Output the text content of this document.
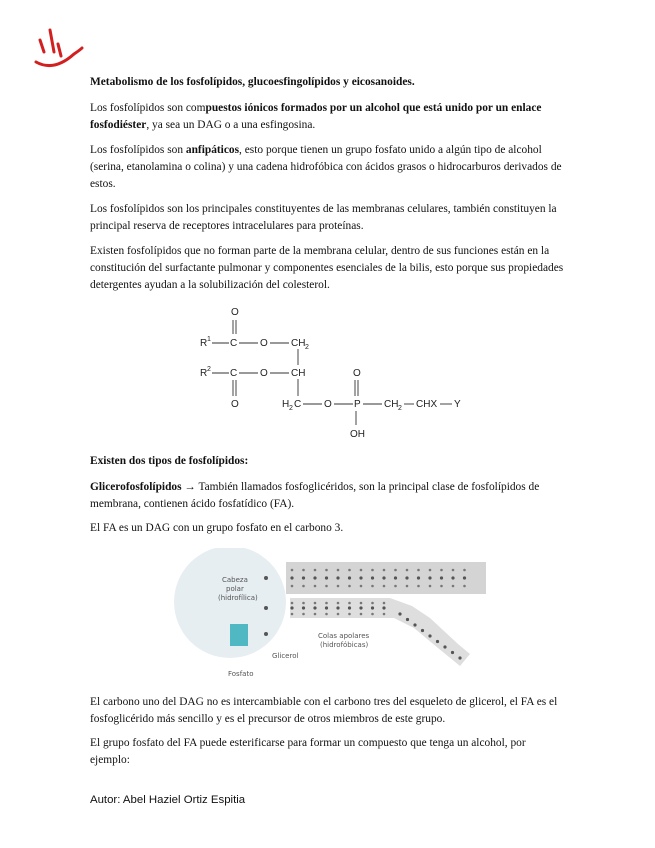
Metabolismo de los fosfolípidos, glucoesfingolípidos y eicosanoides.

Los fosfolípidos son compuestos iónicos formados por un alcohol que está unido por un enlace fosfodiéster, ya sea un DAG o a una esfingosina.

Los fosfolípidos son anfipáticos, esto porque tienen un grupo fosfato unido a algún tipo de alcohol (serina, etanolamina o colina) y una cadena hidrofóbica con ácidos grasos o hidrocarburos derivados de estos.

Los fosfolípidos son los principales constituyentes de las membranas celulares, también constituyen la principal reserva de receptores intracelulares para proteínas.

Existen fosfolípidos que no forman parte de la membrana celular, dentro de sus funciones están en la constitución del surfactante pulmonar y componentes esenciales de la bilis, esto porque sus propiedades detergentes ayudan a la solubilización del colesterol.

O
R 1 C O CH 2
R 2 C O CH
O	H 2 C O P
O
CH 2 CHX Y
OH
Existen dos tipos de fosfolípidos:

Glicerofosfolípidos → También llamados fosfoglicéridos, son la principal clase de fosfolípidos de membrana, contienen ácido fosfatídico (FA).

El FA es un DAG con un grupo fosfato en el carbono 3.

Cabeza
polar
(hidrofílica)
Colas apolares
(hidrofóbicas)
Glicerol
Fosfato

El carbono uno del DAG no es intercambiable con el carbono tres del esqueleto de glicerol, el FA es el fosfoglicérido más sencillo y es el precursor de otros miembros de este grupo.

El grupo fosfato del FA puede esterificarse para formar un compuesto que tenga un alcohol, por ejemplo:

Autor: Abel Haziel Ortiz Espitia
